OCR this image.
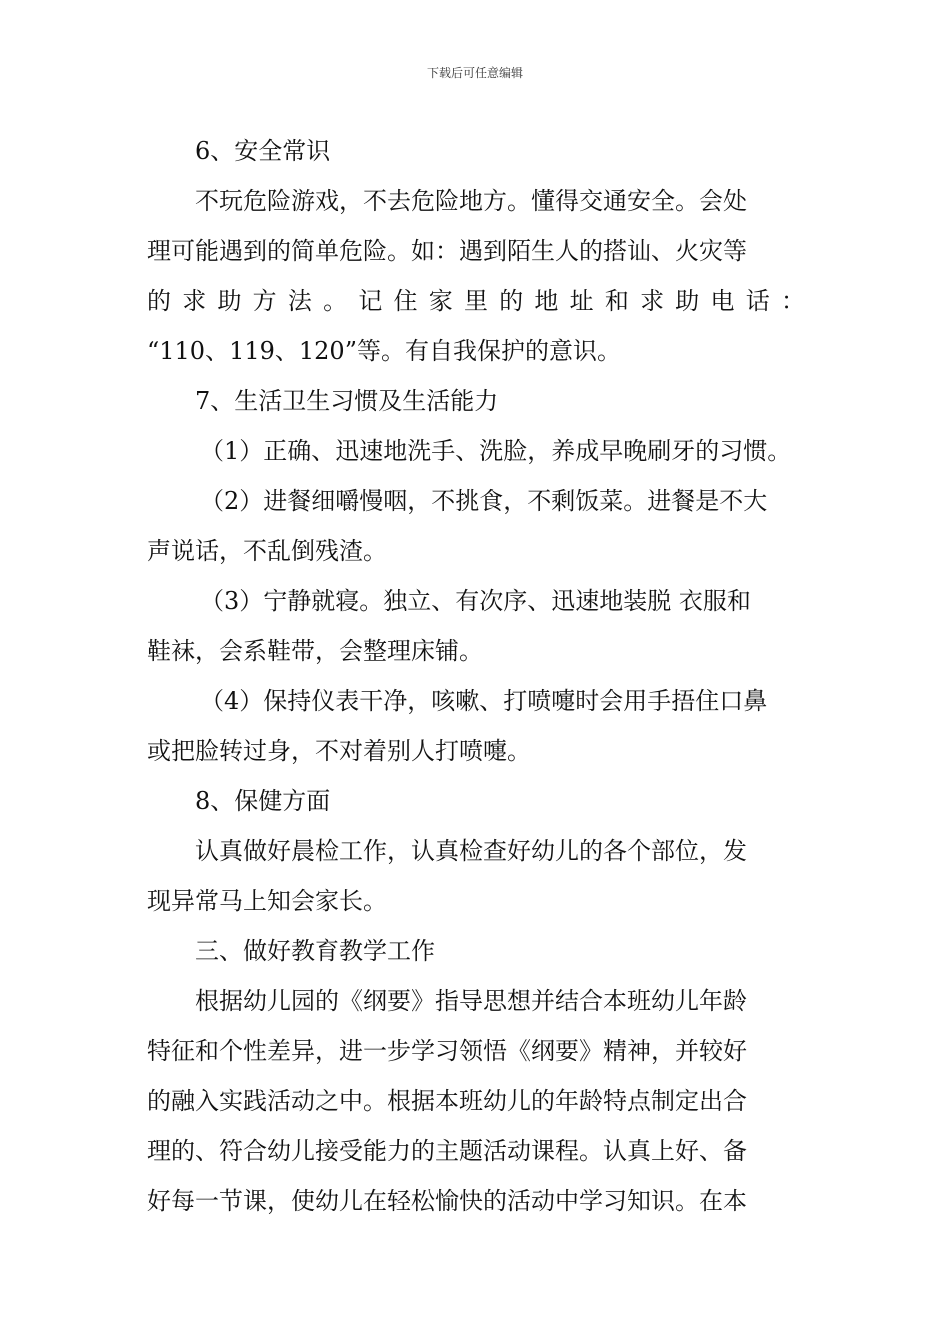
下载后可任意编辑
6、安全常识
不玩危险游戏，不去危险地方。懂得交通安全。会处
理可能遇到的简单危险。如：遇到陌生人的搭讪、火灾等
的 求 助 方 法 。 记 住 家 里 的 地 址 和 求 助 电 话 ：
“110、119、120”等。有自我保护的意识。
7、生活卫生习惯及生活能力
（1）正确、迅速地洗手、洗脸，养成早晚刷牙的习惯。
（2）进餐细嚼慢咽，不挑食，不剩饭菜。进餐是不大
声说话，不乱倒残渣。
（3）宁静就寝。独立、有次序、迅速地装脱 衣服和
鞋袜，会系鞋带，会整理床铺。
（4）保持仪表干净，咳嗽、打喷嚏时会用手捂住口鼻
或把脸转过身，不对着别人打喷嚏。
8、保健方面
认真做好晨检工作，认真检查好幼儿的各个部位，发
现异常马上知会家长。
三、做好教育教学工作
根据幼儿园的《纲要》指导思想并结合本班幼儿年龄
特征和个性差异，进一步学习领悟《纲要》精神，并较好
的融入实践活动之中。根据本班幼儿的年龄特点制定出合
理的、符合幼儿接受能力的主题活动课程。认真上好、备
好每一节课，使幼儿在轻松愉快的活动中学习知识。在本
